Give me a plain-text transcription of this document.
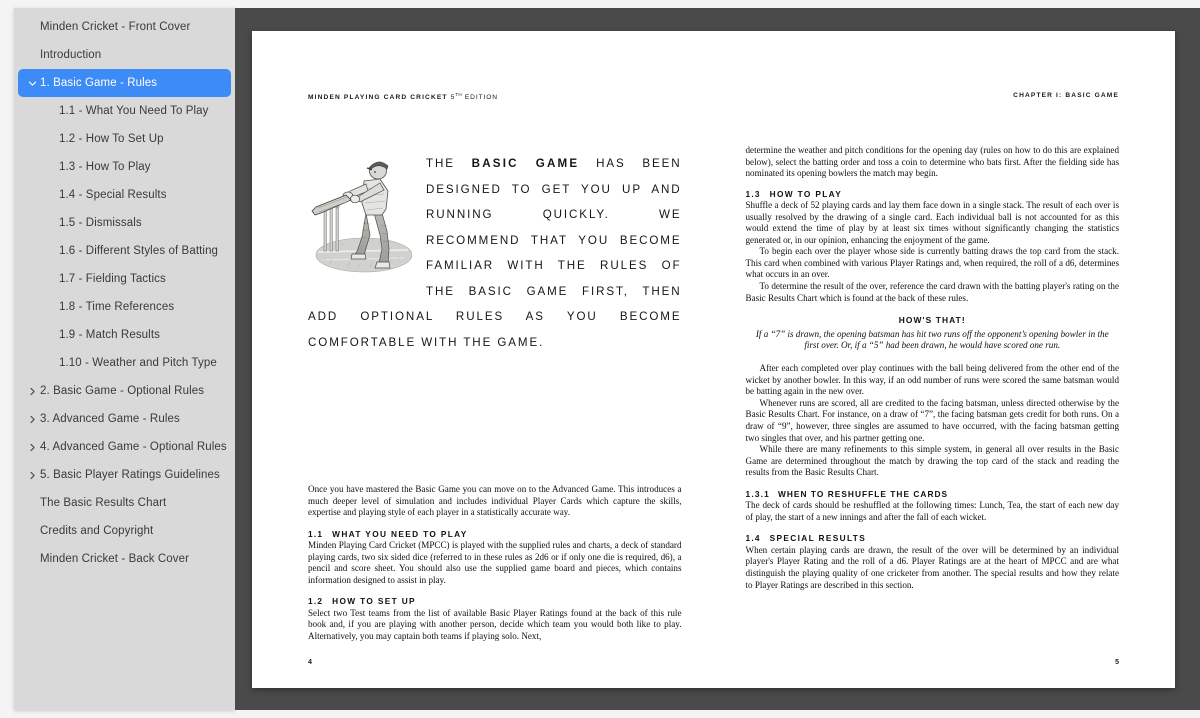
Minden Cricket - Front Cover
Introduction
1. Basic Game - Rules
1.1 - What You Need To Play
1.2 - How To Set Up
1.3 - How To Play
1.4 - Special Results
1.5 - Dismissals
1.6 - Different Styles of Batting
1.7 - Fielding Tactics
1.8 - Time References
1.9 - Match Results
1.10 - Weather and Pitch Type
2. Basic Game - Optional Rules
3. Advanced Game - Rules
4. Advanced Game - Optional Rules
5. Basic Player Ratings Guidelines
The Basic Results Chart
Credits and Copyright
Minden Cricket - Back Cover
MINDEN PLAYING CARD CRICKET 5TH EDITION
THE BASIC GAME HAS BEEN DESIGNED TO GET YOU UP AND RUNNING QUICKLY. WE RECOMMEND THAT YOU BECOME FAMILIAR WITH THE RULES OF THE BASIC GAME FIRST, THEN ADD OPTIONAL RULES AS YOU BECOME COMFORTABLE WITH THE GAME.

Once you have mastered the Basic Game you can move on to the Advanced Game. This introduces a much deeper level of simulation and includes individual Player Cards which capture the skills, expertise and playing style of each player in a statistically accurate way.

1.1 WHAT YOU NEED TO PLAY

Minden Playing Card Cricket (MPCC) is played with the supplied rules and charts, a deck of standard playing cards, two six sided dice (referred to in these rules as 2d6 or if only one die is required, d6), a pencil and score sheet. You should also use the supplied game board and pieces, which contains information designed to assist in play.

1.2 HOW TO SET UP

Select two Test teams from the list of available Basic Player Ratings found at the back of this rule book and, if you are playing with another person, decide which team you would both like to play. Alternatively, you may captain both teams if playing solo. Next,

4
CHAPTER I: BASIC GAME

determine the weather and pitch conditions for the opening day (rules on how to do this are explained below), select the batting order and toss a coin to determine who bats first. After the fielding side has nominated its opening bowlers the match may begin.

1.3 HOW TO PLAY

Shuffle a deck of 52 playing cards and lay them face down in a single stack. The result of each over is usually resolved by the drawing of a single card. Each individual ball is not accounted for as this would extend the time of play by at least six times without significantly changing the statistics generated or, in our opinion, enhancing the enjoyment of the game.

To begin each over the player whose side is currently batting draws the top card from the stack. This card when combined with various Player Ratings and, when required, the roll of a d6, determines what occurs in an over.

To determine the result of the over, reference the card drawn with the batting player's rating on the Basic Results Chart which is found at the back of these rules.

HOW'S THAT!

If a “7” is drawn, the opening batsman has hit two runs off the opponent’s opening bowler in the first over. Or, if a “5” had been drawn, he would have scored one run.

After each completed over play continues with the ball being delivered from the other end of the wicket by another bowler. In this way, if an odd number of runs were scored the same batsman would be batting again in the new over.

Whenever runs are scored, all are credited to the facing batsman, unless directed otherwise by the Basic Results Chart. For instance, on a draw of “7”, the facing batsman gets credit for both runs. On a draw of “9”, however, three singles are assumed to have occurred, with the facing batsman getting two singles that over, and his partner getting one.

While there are many refinements to this simple system, in general all over results in the Basic Game are determined throughout the match by drawing the top card of the stack and reading the results from the Basic Results Chart.

1.3.1 WHEN TO RESHUFFLE THE CARDS

The deck of cards should be reshuffled at the following times: Lunch, Tea, the start of each new day of play, the start of a new innings and after the fall of each wicket.

1.4 SPECIAL RESULTS

When certain playing cards are drawn, the result of the over will be determined by an individual player's Player Rating and the roll of a d6. Player Ratings are at the heart of MPCC and are what distinguish the playing quality of one cricketer from another. The special results and how they relate to Player Ratings are described in this section.

5
